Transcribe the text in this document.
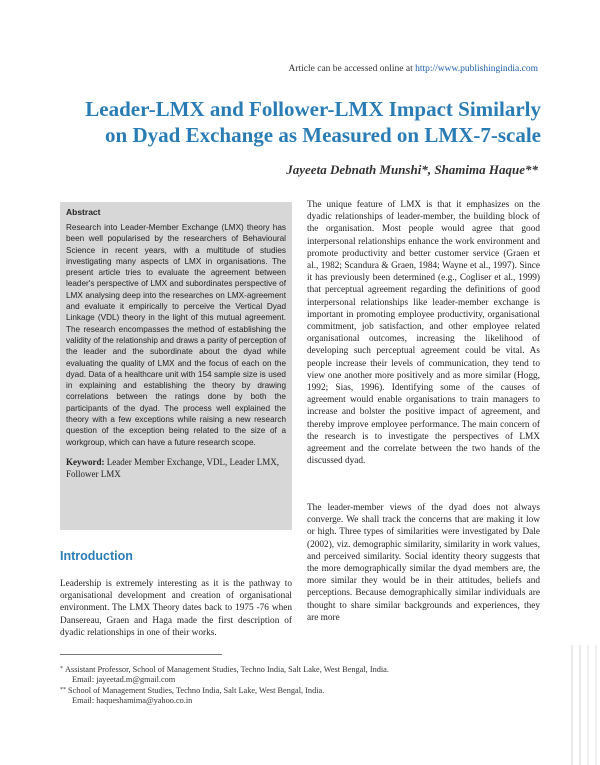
Article can be accessed online at http://www.publishingindia.com
Leader-LMX and Follower-LMX Impact Similarly
on Dyad Exchange as Measured on LMX-7-scale
Jayeeta Debnath Munshi*, Shamima Haque**
Abstract

Research into Leader-Member Exchange (LMX) theory has been well popularised by the researchers of Behavioural Science in recent years, with a multitude of studies investigating many aspects of LMX in organisations. The present article tries to evaluate the agreement between leader's perspective of LMX and subordinates perspective of LMX analysing deep into the researches on LMX-agreement and evaluate it empirically to perceive the Vertical Dyad Linkage (VDL) theory in the light of this mutual agreement. The research encompasses the method of establishing the validity of the relationship and draws a parity of perception of the leader and the subordinate about the dyad while evaluating the quality of LMX and the focus of each on the dyad. Data of a healthcare unit with 154 sample size is used in explaining and establishing the theory by drawing correlations between the ratings done by both the participants of the dyad. The process well explained the theory with a few exceptions while raising a new research question of the exception being related to the size of a workgroup, which can have a future research scope.

Keyword: Leader Member Exchange, VDL, Leader LMX, Follower LMX
Introduction

Leadership is extremely interesting as it is the pathway to organisational development and creation of organisational environment. The LMX Theory dates back to 1975 -76 when Dansereau, Graen and Haga made the first description of dyadic relationships in one of their works.

The unique feature of LMX is that it emphasizes on the dyadic relationships of leader-member, the building block of the organisation. Most people would agree that good interpersonal relationships enhance the work environment and promote productivity and better customer service (Graen et al., 1982; Scandura & Graen, 1984; Wayne et al., 1997). Since it has previously been determined (e.g., Cogliser et al., 1999) that perceptual agreement regarding the definitions of good interpersonal relationships like leader-member exchange is important in promoting employee productivity, organisational commitment, job satisfaction, and other employee related organisational outcomes, increasing the likelihood of developing such perceptual agreement could be vital. As people increase their levels of communication, they tend to view one another more positively and as more similar (Hogg, 1992; Sias, 1996). Identifying some of the causes of agreement would enable organisations to train managers to increase and bolster the positive impact of agreement, and thereby improve employee performance. The main concern of the research is to investigate the perspectives of LMX agreement and the correlate between the two hands of the discussed dyad.

The leader-member views of the dyad does not always converge. We shall track the concerns that are making it low or high. Three types of similarities were investigated by Dale (2002), viz. demographic similarity, similarity in work values, and perceived similarity. Social identity theory suggests that the more demographically similar the dyad members are, the more similar they would be in their attitudes, beliefs and perceptions. Because demographically similar individuals are thought to share similar backgrounds and experiences, they are more

* Assistant Professor, School of Management Studies, Techno India, Salt Lake, West Bengal, India.
Email: jayeetad.m@gmail.com
** School of Management Studies, Techno India, Salt Lake, West Bengal, India.
Email: haqueshamima@yahoo.co.in
